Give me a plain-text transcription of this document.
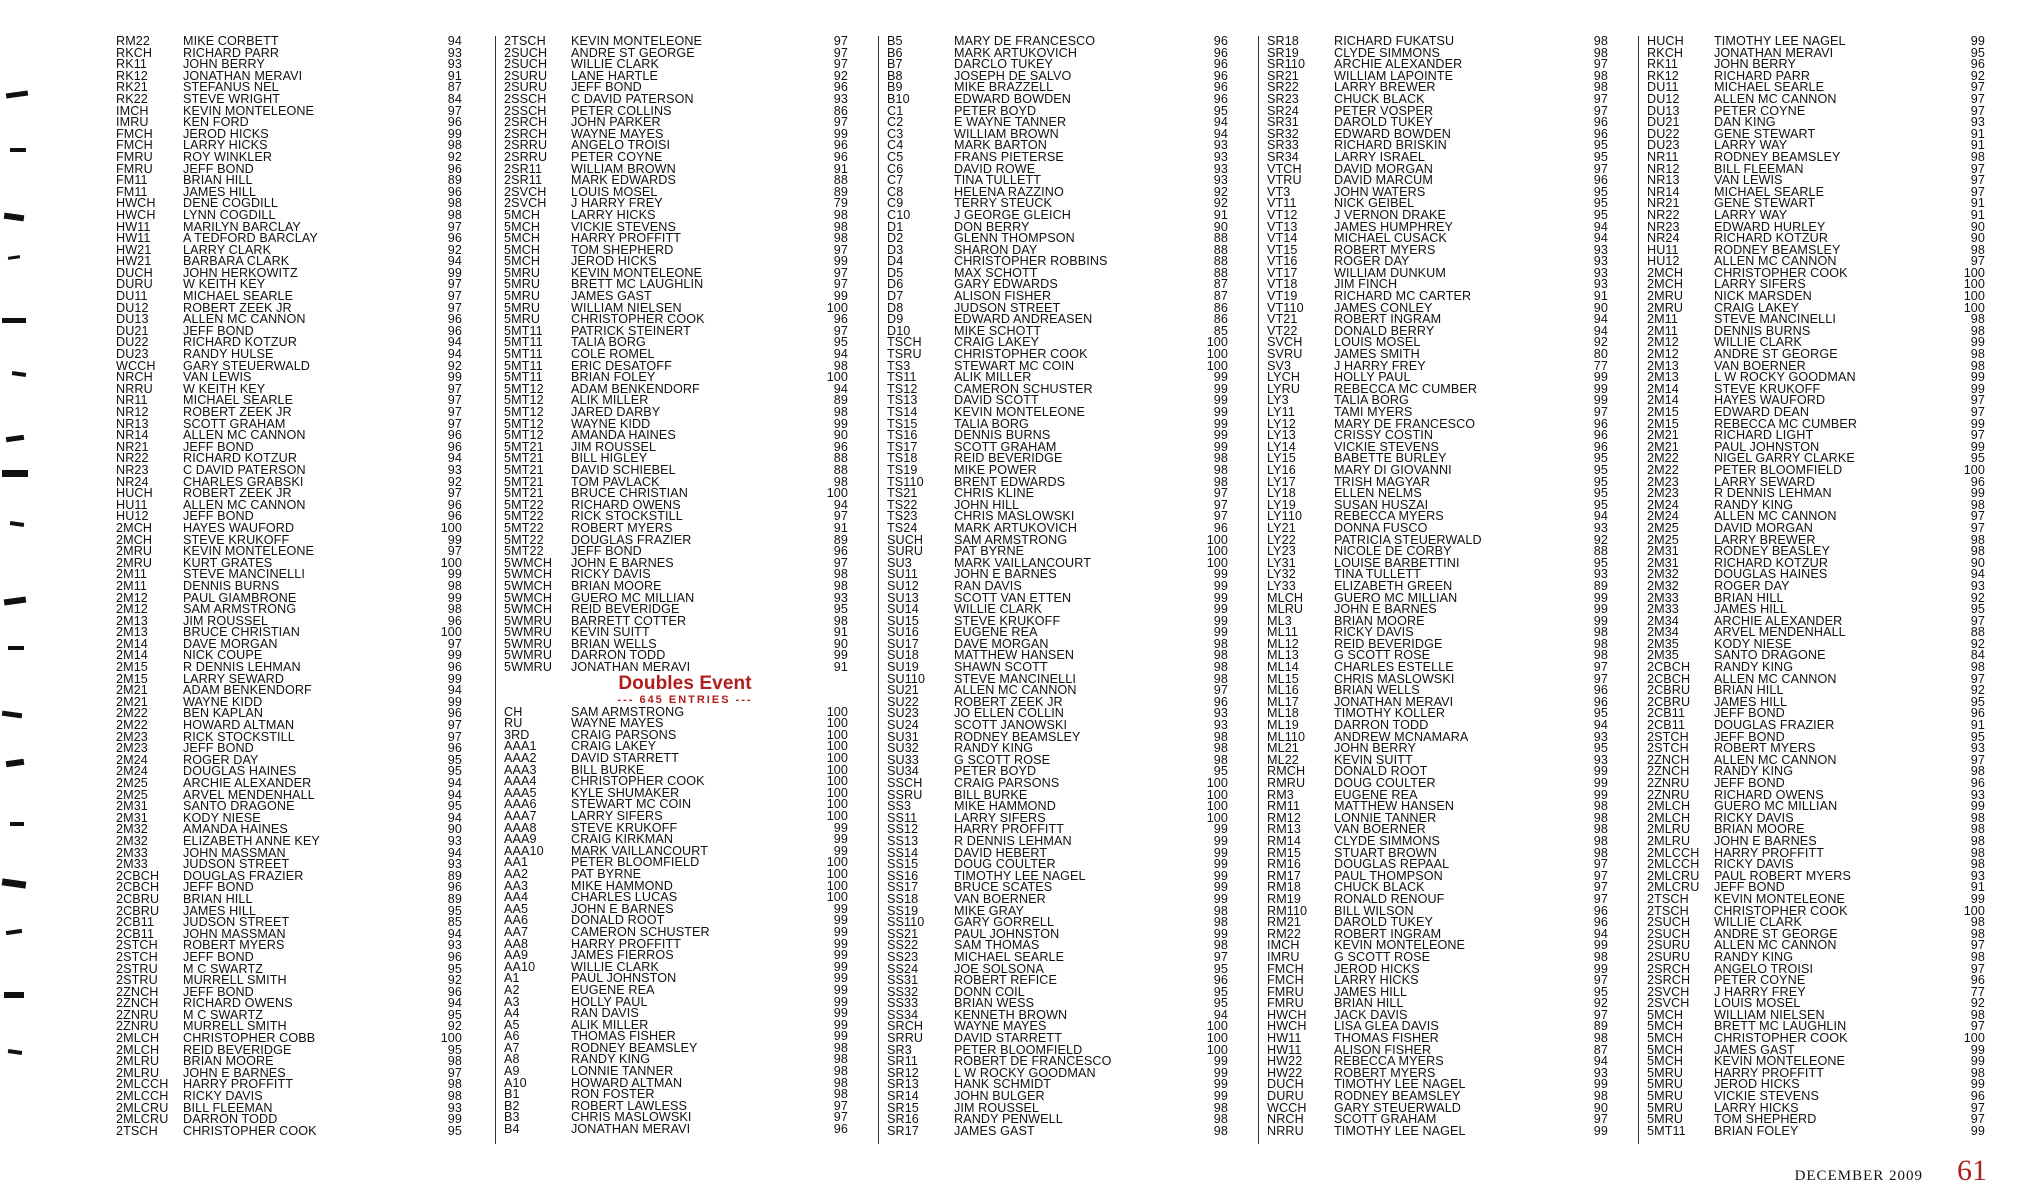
RM22	MIKE CORBETT	94
RKCH RICHARD PARR	93
RK11	JOHN BERRY	93
RK12	JONATHAN MERAVI	91
RK21	STEFANUS NEL	87
RK22	STEVE WRIGHT	84
IMCH	KEVIN MONTELEONE	97
IMRU	KEN FORD	96
FMCH JEROD HICKS	99
FMCH LARRY HICKS	98
FMRU ROY WINKLER	92
FMRU JEFF BOND	96
FM11	BRIAN HILL	89
FM11	JAMES HILL	96
HWCH DENE COGDILL	98
HWCH LYNN COGDILL	98
HW11	MARILYN BARCLAY	97
HW11	A TEDFORD BARCLAY	96
HW21	LARRY CLARK	92
HW21	BARBARA CLARK	94
DUCH JOHN HERKOWITZ	99
DURU W KEITH KEY	97
DU11	MICHAEL SEARLE	97
DU12	ROBERT ZEEK JR	97
DU13	ALLEN MC CANNON	96
DU21	JEFF BOND	96
DU22	RICHARD KOTZUR	94
DU23	RANDY HULSE	94
WCCH GARY STEUERWALD	92
NRCH VAN LEWIS	99
NRRU W KEITH KEY	97
NR11	MICHAEL SEARLE	97
NR12	ROBERT ZEEK JR	97
NR13	SCOTT GRAHAM	97
NR14	ALLEN MC CANNON	96
NR21	JEFF BOND	96
NR22	RICHARD KOTZUR	94
NR23	C DAVID PATERSON	93
NR24	CHARLES GRABSKI	92
HUCH ROBERT ZEEK JR	97
HU11	ALLEN MC CANNON	96
HU12	JEFF BOND	96
2MCH HAYES WAUFORD	100
2MCH STEVE KRUKOFF	99
2MRU KEVIN MONTELEONE	97
2MRU KURT GRATES	100
2M11	STEVE MANCINELLI	99
2M11	DENNIS BURNS	98
2M12	PAUL GIAMBRONE	99
2M12	SAM ARMSTRONG	98
2M13	JIM ROUSSEL	96
2M13	BRUCE CHRISTIAN	100
2M14	DAVE MORGAN	97
2M14	NICK COUPE	99
2M15	R DENNIS LEHMAN	96
2M15	LARRY SEWARD	99
2M21	ADAM BENKENDORF	94
2M21	WAYNE KIDD	99
2M22	BEN KAPLAN	96
2M22	HOWARD ALTMAN	97
2M23	RICK STOCKSTILL	97
2M23	JEFF BOND	96
2M24	ROGER DAY	95
2M24	DOUGLAS HAINES	95
2M25	ARCHIE ALEXANDER	94
2M25	ARVEL MENDENHALL	94
2M31	SANTO DRAGONE	95
2M31	KODY NIESE	94
2M32	AMANDA HAINES	90
2M32	ELIZABETH ANNE KEY	93
2M33	JOHN MASSMAN	94
2M33	JUDSON STREET	93
2CBCH DOUGLAS FRAZIER	89
2CBCH JEFF BOND	96
2CBRU BRIAN HILL	89
2CBRU JAMES HILL	95
2CB11 JUDSON STREET	85
2CB11 JOHN MASSMAN	94
2STCH ROBERT MYERS	93
2STCH JEFF BOND	96
2STRU M C SWARTZ	95
2STRU MURRELL SMITH	92
2ZNCH JEFF BOND	96
2ZNCH RICHARD OWENS	94
2ZNRU M C SWARTZ	95
2ZNRU MURRELL SMITH	92
2MLCH CHRISTOPHER COBB	100
2MLCH REID BEVERIDGE	95
2MLRU BRIAN MOORE	98
2MLRU JOHN E BARNES	97
2MLCCH HARRY PROFFITT	98
2MLCCH RICKY DAVIS	98
2MLCRU BILL FLEEMAN	93
2MLCRU DARRON TODD	99
2TSCH CHRISTOPHER COOK	95
2TSCH KEVIN MONTELEONE	97
2SUCH ANDRE ST GEORGE	97
2SUCH WILLIE CLARK	97
2SURU LANE HARTLE	92
2SURU JEFF BOND	96
2SSCH C DAVID PATERSON	93
2SSCH PETER COLLINS	86
2SRCH JOHN PARKER	97
2SRCH WAYNE MAYES	99
2SRRU ANGELO TROISI	96
2SRRU PETER COYNE	96
2SR11 WILLIAM BROWN	91
2SR11 MARK EDWARDS	88
2SVCH LOUIS MOSEL	89
2SVCH J HARRY FREY	79
5MCH LARRY HICKS	98
5MCH VICKIE STEVENS	98
5MCH HARRY PROFFITT	98
5MCH TOM SHEPHERD	97
5MCH JEROD HICKS	99
5MRU KEVIN MONTELEONE	97
5MRU BRETT MC LAUGHLIN	97
5MRU JAMES GAST	99
5MRU WILLIAM NIELSEN	100
5MRU CHRISTOPHER COOK	96
5MT11 PATRICK STEINERT	97
5MT11 TALIA BORG	95
5MT11 COLE ROMEL	94
5MT11 ERIC DESATOFF	98
5MT11 BRIAN FOLEY	100
5MT12 ADAM BENKENDORF	94
5MT12 ALIK MILLER	89
5MT12 JARED DARBY	98
5MT12 WAYNE KIDD	99
5MT12 AMANDA HAINES	90
5MT21 JIM ROUSSEL	96
5MT21 BILL HIGLEY	88
5MT21 DAVID SCHIEBEL	88
5MT21 TOM PAVLACK	98
5MT21 BRUCE CHRISTIAN	100
5MT22 RICHARD OWENS	94
5MT22 RICK STOCKSTILL	97
5MT22 ROBERT MYERS	91
5MT22 DOUGLAS FRAZIER	89
5MT22 JEFF BOND	96
5WMCH JOHN E BARNES	97
5WMCH RICKY DAVIS	98
5WMCH BRIAN MOORE	98
5WMCH GUERO MC MILLIAN	93
5WMCH REID BEVERIDGE	95
5WMRU BARRETT COTTER	98
5WMRU KEVIN SUITT	91
5WMRU BRIAN WELLS	90
5WMRU DARRON TODD	99
5WMRU JONATHAN MERAVI	91
Doubles Event
--- 645 ENTRIES ---
CH	SAM ARMSTRONG	100
RU	WAYNE MAYES	100
3RD	CRAIG PARSONS	100
AAA1	CRAIG LAKEY	100
AAA2	DAVID STARRETT	100
AAA3	BILL BURKE	100
AAA4	CHRISTOPHER COOK	100
AAA5	KYLE SHUMAKER	100
AAA6	STEWART MC COIN	100
AAA7	LARRY SIFERS	100
AAA8	STEVE KRUKOFF	99
AAA9	CRAIG KIRKMAN	99
AAA10 MARK VAILLANCOURT	99
AA1	PETER BLOOMFIELD	100
AA2	PAT BYRNE	100
AA3	MIKE HAMMOND	100
AA4	CHARLES LUCAS	100
AA5	JOHN E BARNES	99
AA6	DONALD ROOT	99
AA7	CAMERON SCHUSTER	99
AA8	HARRY PROFFITT	99
AA9	JAMES FIERROS	99
AA10	WILLIE CLARK	99
A1	PAUL JOHNSTON	99
A2	EUGENE REA	99
A3	HOLLY PAUL	99
A4	RAN DAVIS	99
A5	ALIK MILLER	99
A6	THOMAS FISHER	99
A7	RODNEY BEAMSLEY	98
A8	RANDY KING	98
A9	LONNIE TANNER	98
A10	HOWARD ALTMAN	98
B1	RON FOSTER	98
B2	ROBERT LAWLESS	97
B3	CHRIS MASLOWSKI	97
B4	JONATHAN MERAVI	96
B5	MARY DE FRANCESCO	96
B6	MARK ARTUKOVICH	96
B7	DARCLO TUKEY	96
B8	JOSEPH DE SALVO	96
B9	MIKE BRAZZELL	96
B10	EDWARD BOWDEN	96
C1	PETER BOYD	95
C2	E WAYNE TANNER	94
C3	WILLIAM BROWN	94
C4	MARK BARTON	93
C5	FRANS PIETERSE	93
C6	DAVID ROWE	93
C7	TINA TULLETT	93
C8	HELENA RAZZINO	92
C9	TERRY STEUCK	92
C10	J GEORGE GLEICH	91
D1	DON BERRY	90
D2	GLENN THOMPSON	88
D3	SHARON DAY	88
D4	CHRISTOPHER ROBBINS	88
D5	MAX SCHOTT	88
D6	GARY EDWARDS	87
D7	ALISON FISHER	87
D8	JUDSON STREET	86
D9	EDWARD ANDREASEN	86
D10	MIKE SCHOTT	85
TSCH	CRAIG LAKEY	100
TSRU	CHRISTOPHER COOK	100
TS3	STEWART MC COIN	100
TS11	ALIK MILLER	99
TS12	CAMERON SCHUSTER	99
TS13	DAVID SCOTT	99
TS14	KEVIN MONTELEONE	99
TS15	TALIA BORG	99
TS16	DENNIS BURNS	99
TS17	SCOTT GRAHAM	99
TS18	REID BEVERIDGE	98
TS19	MIKE POWER	98
TS110 BRENT EDWARDS	98
TS21	CHRIS KLINE	97
TS22	JOHN HILL	97
TS23	CHRIS MASLOWSKI	97
TS24	MARK ARTUKOVICH	96
SUCH SAM ARMSTRONG	100
SURU PAT BYRNE	100
SU3	MARK VAILLANCOURT	100
SU11	JOHN E BARNES	99
SU12	RAN DAVIS	99
SU13	SCOTT VAN ETTEN	99
SU14	WILLIE CLARK	99
SU15	STEVE KRUKOFF	99
SU16	EUGENE REA	99
SU17	DAVE MORGAN	98
SU18	MATTHEW HANSEN	98
SU19	SHAWN SCOTT	98
SU110 STEVE MANCINELLI	98
SU21	ALLEN MC CANNON	97
SU22	ROBERT ZEEK JR	96
SU23	JO ELLEN COLLIN	93
SU24	SCOTT JANOWSKI	93
SU31	RODNEY BEAMSLEY	98
SU32	RANDY KING	98
SU33	G SCOTT ROSE	98
SU34	PETER BOYD	95
SSCH	CRAIG PARSONS	100
SSRU	BILL BURKE	100
SS3	MIKE HAMMOND	100
SS11	LARRY SIFERS	100
SS12	HARRY PROFFITT	99
SS13	R DENNIS LEHMAN	99
SS14	DAVID HEBERT	99
SS15	DOUG COULTER	99
SS16	TIMOTHY LEE NAGEL	99
SS17	BRUCE SCATES	99
SS18	VAN BOERNER	99
SS19	MIKE GRAY	98
SS110 GARY GORRELL	98
SS21	PAUL JOHNSTON	99
SS22	SAM THOMAS	98
SS23	MICHAEL SEARLE	97
SS24	JOE SOLSONA	95
SS31	ROBERT REFICE	96
SS32	DONN COIL	95
SS33	BRIAN WESS	95
SS34	KENNETH BROWN	94
SRCH WAYNE MAYES	100
SRRU DAVID STARRETT	100
SR3	PETER BLOOMFIELD	100
SR11	ROBERT DE FRANCESCO	99
SR12	L W ROCKY GOODMAN	99
SR13	HANK SCHMIDT	99
SR14	JOHN BULGER	99
SR15	JIM ROUSSEL	98
SR16	RANDY PENWELL	98
SR17	JAMES GAST	98
SR18	RICHARD FUKATSU	98
SR19	CLYDE SIMMONS	98
SR110 ARCHIE ALEXANDER	97
SR21	WILLIAM LAPOINTE	98
SR22	LARRY BREWER	98
SR23	CHUCK BLACK	97
SR24	PETER VOSPER	97
SR31	DAROLD TUKEY	96
SR32	EDWARD BOWDEN	96
SR33	RICHARD BRISKIN	95
SR34	LARRY ISRAEL	95
VTCH	DAVID MORGAN	97
VTRU	DAVID MARCUM	96
VT3	JOHN WATERS	95
VT11	NICK GEIBEL	95
VT12	J VERNON DRAKE	95
VT13	JAMES HUMPHREY	94
VT14	MICHAEL CUSACK	94
VT15	ROBERT MYERS	93
VT16	ROGER DAY	93
VT17	WILLIAM DUNKUM	93
VT18	JIM FINCH	93
VT19	RICHARD MC CARTER	91
VT110 JAMES CONLEY	90
VT21	ROBERT INGRAM	94
VT22	DONALD BERRY	94
SVCH	LOUIS MOSEL	92
SVRU	JAMES SMITH	80
SV3	J HARRY FREY	77
LYCH	HOLLY PAUL	99
LYRU	REBECCA MC CUMBER	99
LY3	TALIA BORG	99
LY11	TAMI MYERS	97
LY12	MARY DE FRANCESCO	96
LY13	CRISSY COSTIN	96
LY14	VICKIE STEVENS	96
LY15	BABETTE BURLEY	95
LY16	MARY DI GIOVANNI	95
LY17	TRISH MAGYAR	95
LY18	ELLEN NELMS	95
LY19	SUSAN HUSZAI	95
LY110	REBECCA MYERS	94
LY21	DONNA FUSCO	93
LY22	PATRICIA STEUERWALD	92
LY23	NICOLE DE CORBY	88
LY31	LOUISE BARBETTINI	95
LY32	TINA TULLETT	93
LY33	ELIZABETH GREEN	89
MLCH GUERO MC MILLIAN	99
MLRU JOHN E BARNES	99
ML3	BRIAN MOORE	99
ML11	RICKY DAVIS	98
ML12	REID BEVERIDGE	98
ML13	G SCOTT ROSE	98
ML14	CHARLES ESTELLE	97
ML15	CHRIS MASLOWSKI	97
ML16	BRIAN WELLS	96
ML17	JONATHAN MERAVI	96
ML18	TIMOTHY KOLLER	95
ML19	DARRON TODD	94
ML110 ANDREW MCNAMARA	93
ML21	JOHN BERRY	95
ML22	KEVIN SUITT	93
RMCH DONALD ROOT	99
RMRU DOUG COULTER	99
RM3	EUGENE REA	99
RM11	MATTHEW HANSEN	98
RM12	LONNIE TANNER	98
RM13	VAN BOERNER	98
RM14	CLYDE SIMMONS	98
RM15	STUART BROWN	98
RM16	DOUGLAS REPAAL	97
RM17	PAUL THOMPSON	97
RM18	CHUCK BLACK	97
RM19	RONALD RENOUF	97
RM110 BILL WILSON	96
RM21	DAROLD TUKEY	96
RM22	ROBERT INGRAM	94
IMCH	KEVIN MONTELEONE	99
IMRU	G SCOTT ROSE	98
FMCH JEROD HICKS	99
FMCH LARRY HICKS	97
FMRU JAMES HILL	95
FMRU BRIAN HILL	92
HWCH JACK DAVIS	97
HWCH LISA GLEA DAVIS	89
HW11	THOMAS FISHER	98
HW11	ALISON FISHER	87
HW22	REBECCA MYERS	94
HW22	ROBERT MYERS	93
DUCH TIMOTHY LEE NAGEL	99
DURU RODNEY BEAMSLEY	98
WCCH GARY STEUERWALD	90
NRCH SCOTT GRAHAM	97
NRRU TIMOTHY LEE NAGEL	99
HUCH TIMOTHY LEE NAGEL	99
RKCH JONATHAN MERAVI	95
RK11	JOHN BERRY	96
RK12	RICHARD PARR	92
DU11	MICHAEL SEARLE	97
DU12	ALLEN MC CANNON	97
DU13	PETER COYNE	97
DU21	DAN KING	93
DU22	GENE STEWART	91
DU23	LARRY WAY	91
NR11	RODNEY BEAMSLEY	98
NR12	BILL FLEEMAN	97
NR13	VAN LEWIS	97
NR14	MICHAEL SEARLE	97
NR21	GENE STEWART	91
NR22	LARRY WAY	91
NR23	EDWARD HURLEY	90
NR24	RICHARD KOTZUR	90
HU11	RODNEY BEAMSLEY	98
HU12	ALLEN MC CANNON	97
2MCH CHRISTOPHER COOK	100
2MCH LARRY SIFERS	100
2MRU NICK MARSDEN	100
2MRU CRAIG LAKEY	100
2M11	STEVE MANCINELLI	98
2M11	DENNIS BURNS	98
2M12	WILLIE CLARK	99
2M12	ANDRE ST GEORGE	98
2M13	VAN BOERNER	98
2M13	L W ROCKY GOODMAN	99
2M14	STEVE KRUKOFF	99
2M14	HAYES WAUFORD	97
2M15	EDWARD DEAN	97
2M15	REBECCA MC CUMBER	99
2M21	RICHARD LIGHT	97
2M21	PAUL JOHNSTON	99
2M22	NIGEL GARRY CLARKE	95
2M22	PETER BLOOMFIELD	100
2M23	LARRY SEWARD	96
2M23	R DENNIS LEHMAN	99
2M24	RANDY KING	98
2M24	ALLEN MC CANNON	97
2M25	DAVID MORGAN	97
2M25	LARRY BREWER	98
2M31	RODNEY BEASLEY	98
2M31	RICHARD KOTZUR	90
2M32	DOUGLAS HAINES	94
2M32	ROGER DAY	93
2M33	BRIAN HILL	92
2M33	JAMES HILL	95
2M34	ARCHIE ALEXANDER	97
2M34	ARVEL MENDENHALL	88
2M35	KODY NIESE	92
2M35	SANTO DRAGONE	84
2CBCH RANDY KING	98
2CBCH ALLEN MC CANNON	97
2CBRU BRIAN HILL	92
2CBRU JAMES HILL	95
2CB11 JEFF BOND	96
2CB11 DOUGLAS FRAZIER	91
2STCH JEFF BOND	95
2STCH ROBERT MYERS	93
2ZNCH ALLEN MC CANNON	97
2ZNCH RANDY KING	98
2ZNRU JEFF BOND	96
2ZNRU RICHARD OWENS	93
2MLCH GUERO MC MILLIAN	99
2MLCH RICKY DAVIS	98
2MLRU BRIAN MOORE	98
2MLRU JOHN E BARNES	98
2MLCCH HARRY PROFFITT	98
2MLCCH RICKY DAVIS	98
2MLCRU PAUL ROBERT MYERS	93
2MLCRU JEFF BOND	91
2TSCH KEVIN MONTELEONE	99
2TSCH CHRISTOPHER COOK	100
2SUCH WILLIE CLARK	98
2SUCH ANDRE ST GEORGE	98
2SURU ALLEN MC CANNON	97
2SURU RANDY KING	98
2SRCH ANGELO TROISI	97
2SRCH PETER COYNE	96
2SVCH J HARRY FREY	77
2SVCH LOUIS MOSEL	92
5MCH WILLIAM NIELSEN	98
5MCH BRETT MC LAUGHLIN	97
5MCH CHRISTOPHER COOK	100
5MCH JAMES GAST	99
5MCH KEVIN MONTELEONE	99
5MRU HARRY PROFFITT	98
5MRU JEROD HICKS	99
5MRU VICKIE STEVENS	96
5MRU LARRY HICKS	97
5MRU TOM SHEPHERD	97
5MT11 BRIAN FOLEY	99
DECEMBER 2009 61
